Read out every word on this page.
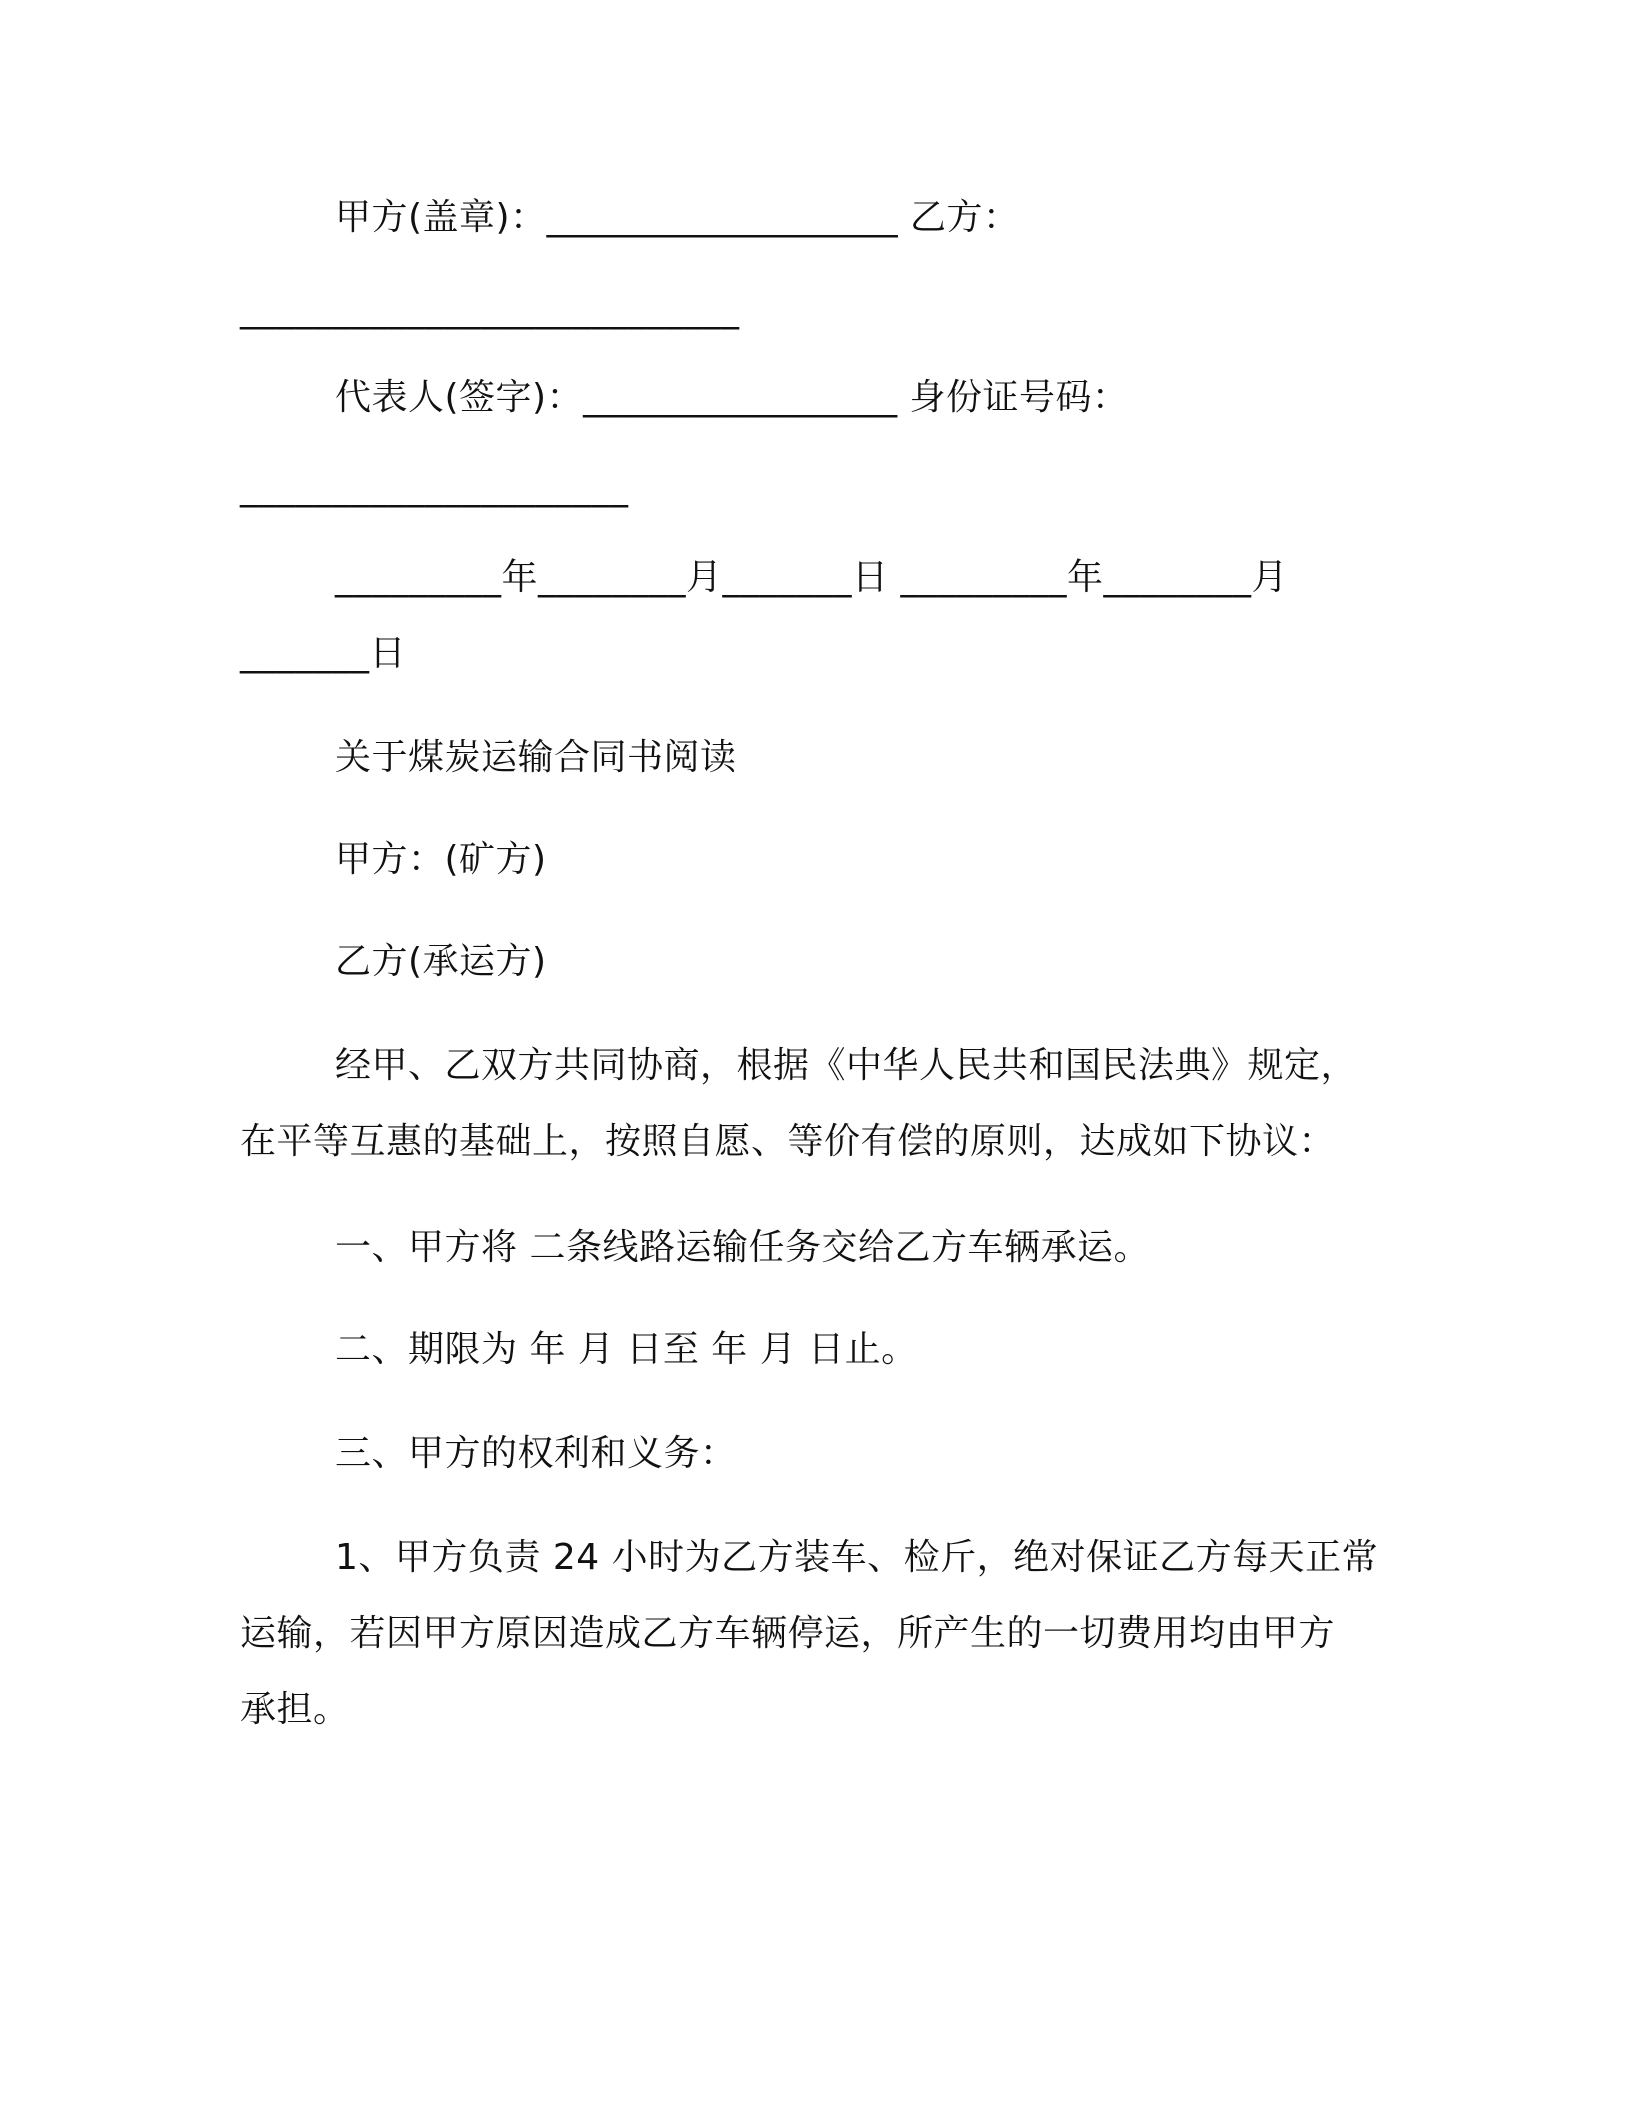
甲方(盖章)：___________________ 乙方：
___________________________
代表人(签字)：_________________ 身份证号码：
_____________________
_________年________月_______日 _________年________月
_______日
关于煤炭运输合同书阅读
甲方：(矿方)
乙方(承运方)
经甲、乙双方共同协商，根据《中华人民共和国民法典》规定，
在平等互惠的基础上，按照自愿、等价有偿的原则，达成如下协议：
一、甲方将 二条线路运输任务交给乙方车辆承运。
二、期限为 年 月 日至 年 月 日止。
三、甲方的权利和义务：
1、甲方负责 24 小时为乙方装车、检斤，绝对保证乙方每天正常
运输，若因甲方原因造成乙方车辆停运，所产生的一切费用均由甲方
承担。
